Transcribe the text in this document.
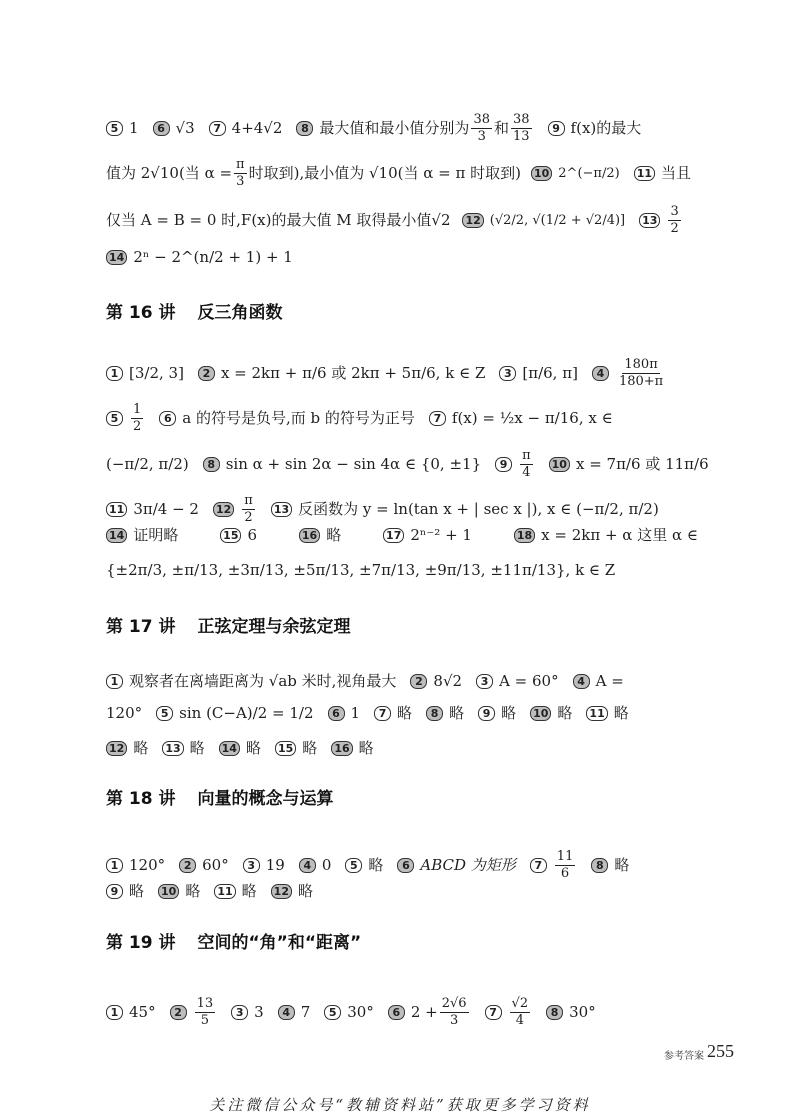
5 1	6 √3	7 4+4√2	8 最大值和最小值分别为 $\frac{38}{3}$ 和 $\frac{38}{13}$	9 f(x)的最大
值为 2√10(当 $\alpha = \frac{\pi}{3}$ 时取到),最小值为 √10(当 α = π 时取到) 10 2^(−π/2) 11 当且
仅当 A = B = 0 时,F(x)的最大值 M 取得最小值√2 12 (√2/2, √(1/2 + √2/4)] $13 \frac{3}{2}$
14 2ⁿ − 2^(n/2 + 1) + 1
第 16 讲 反三角函数
1 [3/2, 3]	2 x = 2kπ + π/6 或 2kπ + 5π/6, k ∈ Z	3 [π/6, π]	$4 \frac{180\pi}{180+\pi}$
$5 \frac{1}{2}$	6 a 的符号是负号,而 b 的符号为正号	7 f(x) = ½x − π/16, x ∈
(−π/2, π/2)	8 sin α + sin 2α − sin 4α ∈ {0, ±1}	$9 \frac{\pi}{4} 10$ x = 7π/6 或 11π/6
11 3π/4 − 2 $12 \frac{\pi}{2} 13$ 反函数为 y = ln(tan x + | sec x |), x ∈ (−π/2, π/2)
14 证明略	15 6	16 略	17 2ⁿ⁻² + 1	18 x = 2kπ + α 这里 α ∈
{±2π/3, ±π/13, ±3π/13, ±5π/13, ±7π/13, ±9π/13, ±11π/13}, k ∈ Z
第 17 讲 正弦定理与余弦定理
1 观察者在离墙距离为 √ab 米时,视角最大	2 8√2	3 A = 60°	4 A =
120°	5 sin (C−A)/2 = 1/2	6 1	7 略	8 略	9 略 10 略 11 略
12 略 13 略 14 略 15 略 16 略
第 18 讲 向量的概念与运算
1 120°	2 60°	3 19	4 0	5 略	6 ABCD 为矩形	$7 \frac{11}{6}$	8 略
9 略 10 略 11 略 12 略
第 19 讲 空间的“角”和“距离”
1 45°	$2 \frac{13}{5}$	3 3	4 7	5 30°	6 $2 + \frac{2√6}{3}$	$7 \frac{√2}{4}$	8 30°
参考答案 255
关注微信公众号“教辅资料站”获取更多学习资料
